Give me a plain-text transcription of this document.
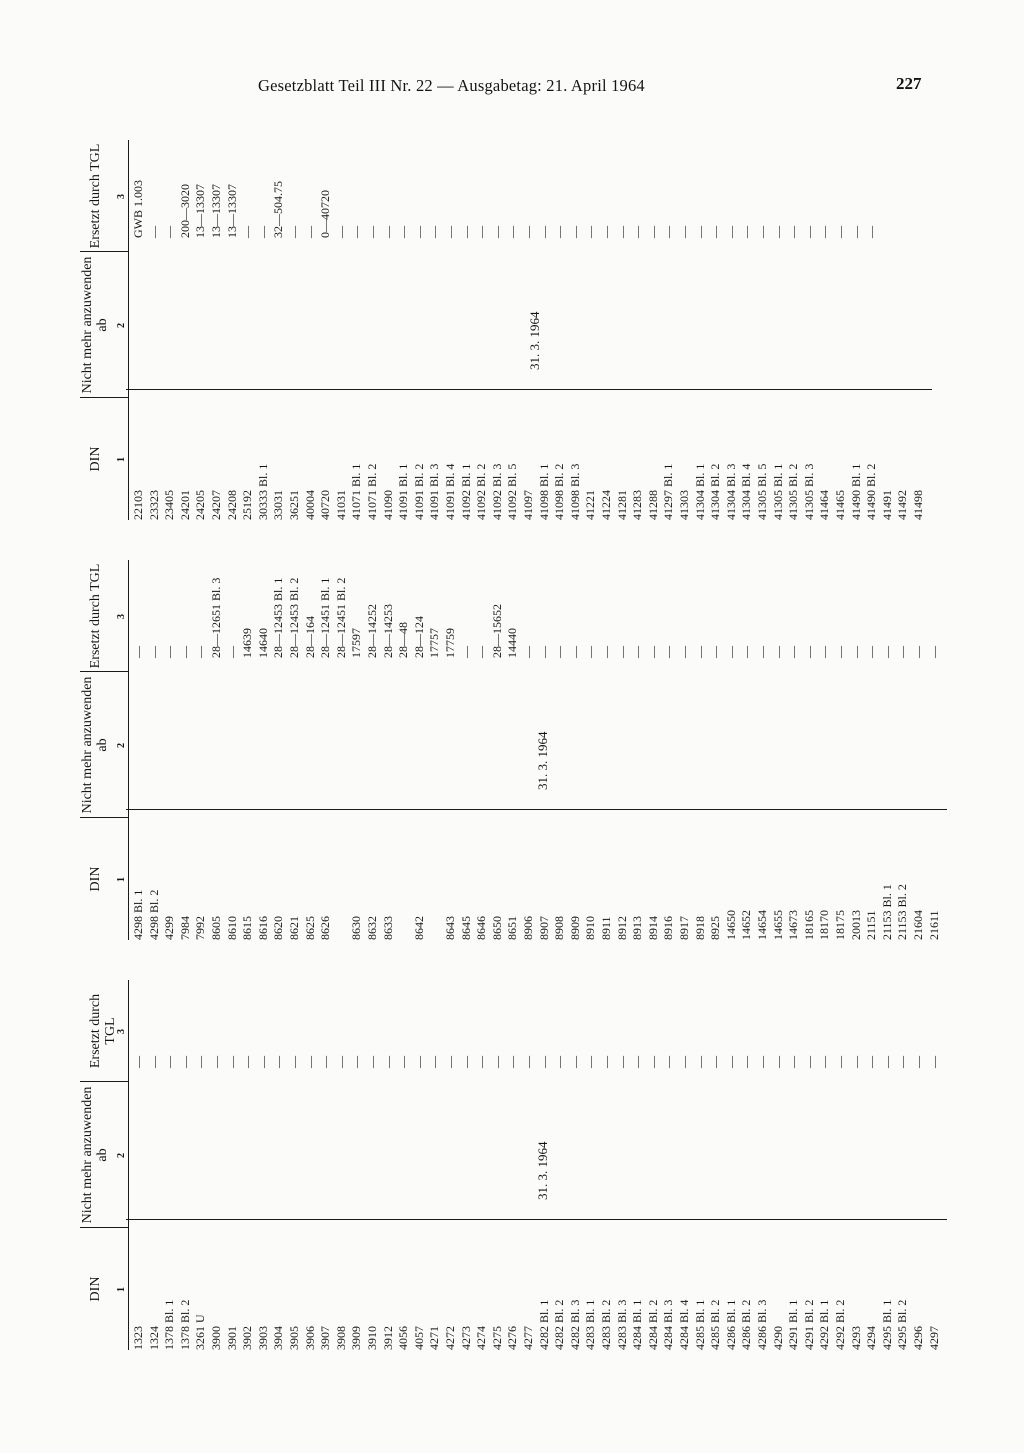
Gesetzblatt Teil III Nr. 22 — Ausgabetag: 21. April 1964	227
DIN
Nicht mehr anzuwenden ab
Ersetzt durch TGL
1
2
3
31. 3. 1964
1323
—
1324
—
1378 Bl. 1
—
1378 Bl. 2
—
3261 U
—
3900
—
3901
—
3902
—
3903
—
3904
—
3905
—
3906
—
3907
—
3908
—
3909
—
3910
—
3912
—
4056
—
4057
—
4271
—
4272
—
4273
—
4274
—
4275
—
4276
—
4277
—
4282 Bl. 1
—
4282 Bl. 2
—
4282 Bl. 3
—
4283 Bl. 1
—
4283 Bl. 2
—
4283 Bl. 3
—
4284 Bl. 1
—
4284 Bl. 2
—
4284 Bl. 3
—
4284 Bl. 4
—
4285 Bl. 1
—
4285 Bl. 2
—
4286 Bl. 1
—
4286 Bl. 2
—
4286 Bl. 3
—
4290
—
4291 Bl. 1
—
4291 Bl. 2
—
4292 Bl. 1
—
4292 Bl. 2
—
4293
—
4294
—
4295 Bl. 1
—
4295 Bl. 2
—
4296
—
4297
—
DIN
Nicht mehr anzuwenden ab
Ersetzt durch TGL
1
2
3
31. 3. 1964
4298 Bl. 1
—
4298 Bl. 2
—
4299
—
7984
—
7992
—
8605
28—12651 Bl. 3
8610
—
8615
14639
8616
14640
8620
28—12453 Bl. 1
8621
28—12453 Bl. 2
8625
28—164
8626
28—12451 Bl. 1 28—12451 Bl. 2
8630
17597
8632
28—14252
8633
28—14253 28—48
8642
28—124 17757
8643
17759
8645
—
8646
—
8650
28—15652
8651
14440
8906
—
8907
—
8908
—
8909
—
8910
—
8911
—
8912
—
8913
—
8914
—
8916
—
8917
—
8918
—
8925
—
14650
—
14652
—
14654
—
14655
—
14673
—
18165
—
18170
—
18175
—
20013
—
21151
—
21153 Bl. 1
—
21153 Bl. 2
—
21604
—
21611
—
DIN
Nicht mehr anzuwenden ab
Ersetzt durch TGL
1
2
3
31. 3. 1964
22103
GWB 1.003
23323
—
23405
—
24201
200—3020
24205
13—13307
24207
13—13307
24208
13—13307
25192
—
30333 Bl. 1
—
33031
32—504.75
36251
—
40004
—
40720
0—40720
41031
—
41071 Bl. 1
—
41071 Bl. 2
—
41090
—
41091 Bl. 1
—
41091 Bl. 2
—
41091 Bl. 3
—
41091 Bl. 4
—
41092 Bl. 1
—
41092 Bl. 2
—
41092 Bl. 3
—
41092 Bl. 5
—
41097
—
41098 Bl. 1
—
41098 Bl. 2
—
41098 Bl. 3
—
41221
—
41224
—
41281
—
41283
—
41288
—
41297 Bl. 1
—
41303
—
41304 Bl. 1
—
41304 Bl. 2
—
41304 Bl. 3
—
41304 Bl. 4
—
41305 Bl. 5
—
41305 Bl. 1
—
41305 Bl. 2
—
41305 Bl. 3
—
41464
—
41465
—
41490 Bl. 1
—
41490 Bl. 2
—
41491 41492 41498
